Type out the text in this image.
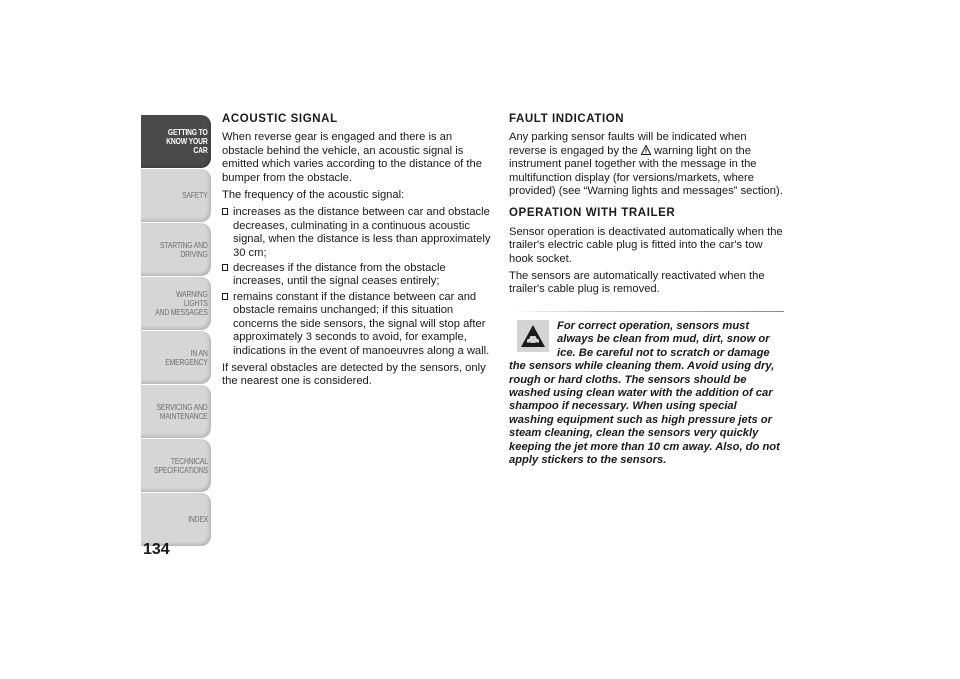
GETTING TO
KNOW YOUR CAR
SAFETY
STARTING AND
DRIVING
WARNING LIGHTS
AND MESSAGES
IN AN EMERGENCY
SERVICING AND
MAINTENANCE
TECHNICAL
SPECIFICATIONS
INDEX
134
ACOUSTIC SIGNAL

When reverse gear is engaged and there is an obstacle behind the vehicle, an acoustic signal is emitted which varies according to the distance of the bumper from the obstacle.

The frequency of the acoustic signal:

increases as the distance between car and obstacle decreases, culminating in a continuous acoustic signal, when the distance is less than approximately 30 cm;
decreases if the distance from the obstacle increases, until the signal ceases entirely;
remains constant if the distance between car and obstacle remains unchanged; if this situation concerns the side sensors, the signal will stop after approximately 3 seconds to avoid, for example, indications in the event of manoeuvres along a wall.

If several obstacles are detected by the sensors, only the nearest one is considered.

FAULT INDICATION

Any parking sensor faults will be indicated when reverse is engaged by the warning light on the instrument panel together with the message in the multifunction display (for versions/markets, where provided) (see “Warning lights and messages” section).

OPERATION WITH TRAILER

Sensor operation is deactivated automatically when the trailer's electric cable plug is fitted into the car's tow hook socket.

The sensors are automatically reactivated when the trailer's cable plug is removed.

For correct operation, sensors must always be clean from mud, dirt, snow or ice. Be careful not to scratch or damage the sensors while cleaning them. Avoid using dry, rough or hard cloths. The sensors should be washed using clean water with the addition of car shampoo if necessary. When using special washing equipment such as high pressure jets or steam cleaning, clean the sensors very quickly keeping the jet more than 10 cm away. Also, do not apply stickers to the sensors.
